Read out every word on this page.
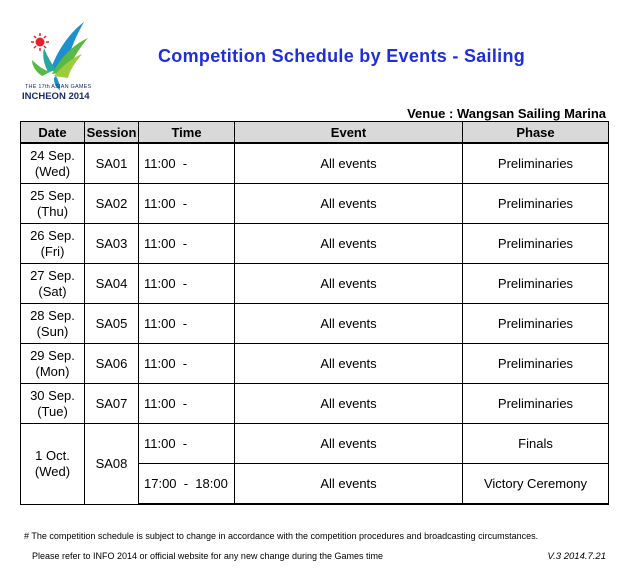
THE 17th ASIAN GAMES
INCHEON 2014
Competition Schedule by Events - Sailing
Venue : Wangsan Sailing Marina
Date	Session	Time	Event	Phase
24 Sep.
(Wed)	SA01	11:00  -	All events	Preliminaries
25 Sep.
(Thu)	SA02	11:00  -	All events	Preliminaries
26 Sep.
(Fri)	SA03	11:00  -	All events	Preliminaries
27 Sep.
(Sat)	SA04	11:00  -	All events	Preliminaries
28 Sep.
(Sun)	SA05	11:00  -	All events	Preliminaries
29 Sep.
(Mon)	SA06	11:00  -	All events	Preliminaries
30 Sep.
(Tue)	SA07	11:00  -	All events	Preliminaries
1 Oct.
(Wed)	SA08	11:00  -	All events	Finals
		17:00  -  18:00	All events	Victory Ceremony
# The competition schedule is subject to change in accordance with the competition procedures and broadcasting circumstances.
Please refer to INFO 2014 or official website for any new change during the Games time	V.3 2014.7.21
